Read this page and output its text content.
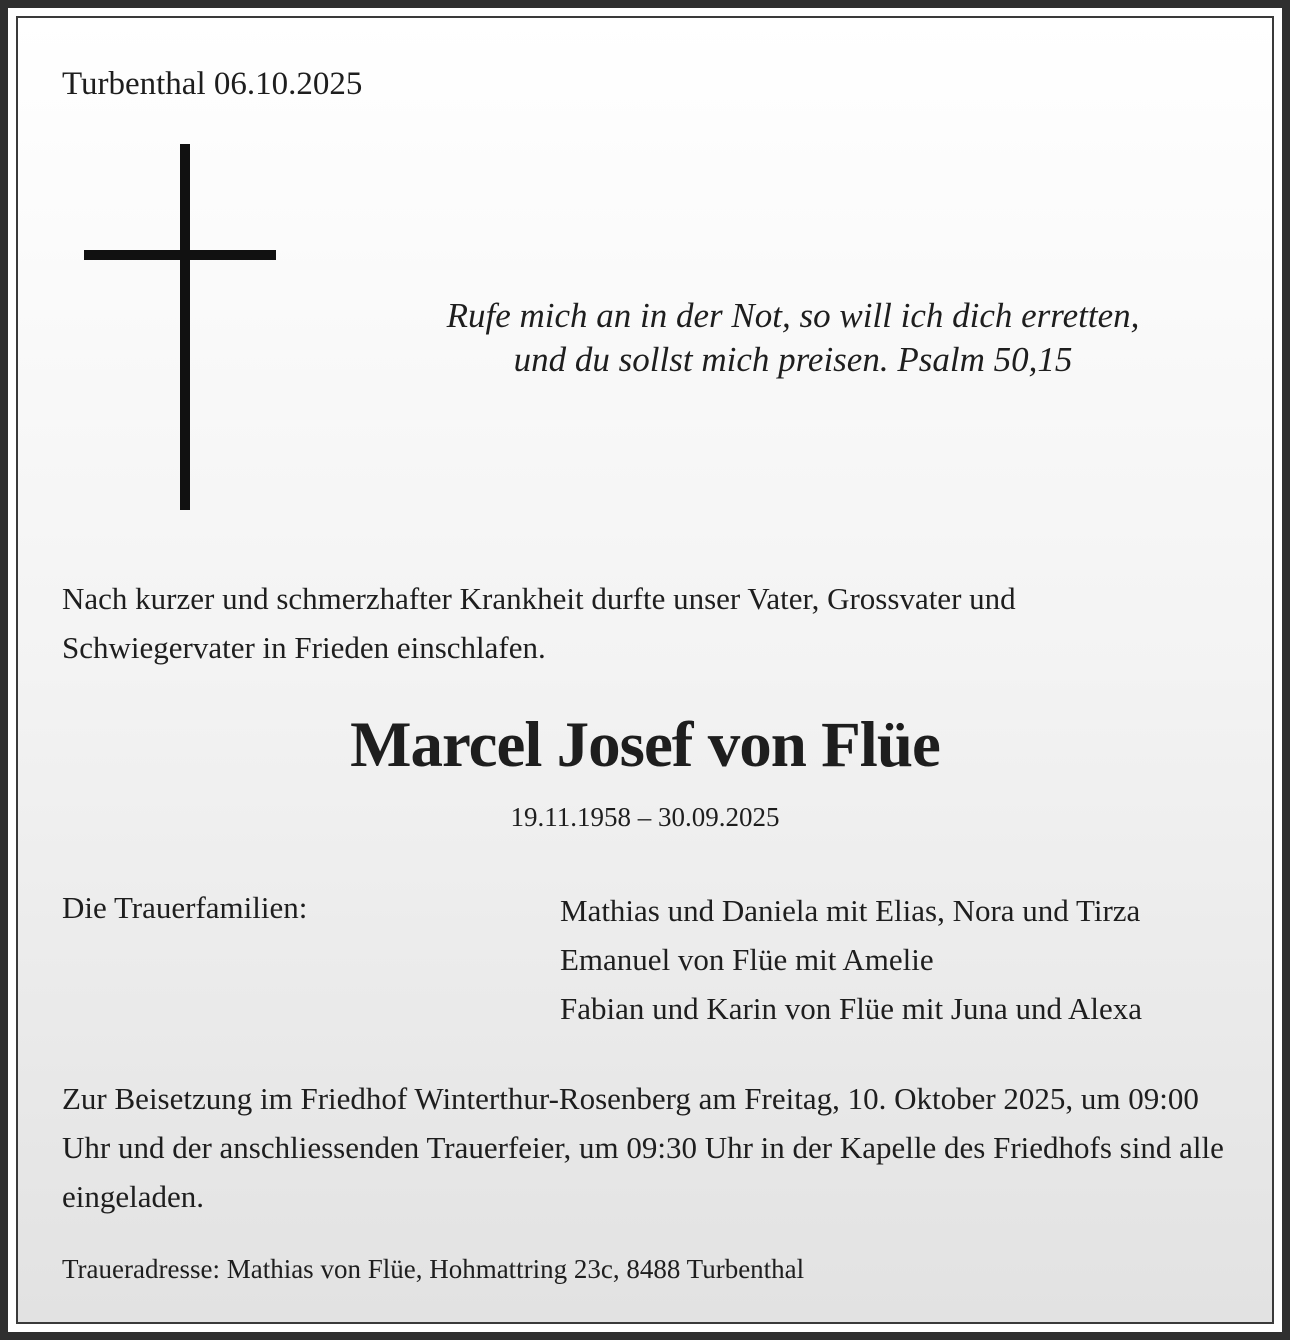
Turbenthal 06.10.2025
Rufe mich an in der Not, so will ich dich erretten,
und du sollst mich preisen. Psalm 50,15
Nach kurzer und schmerzhafter Krankheit durfte unser Vater, Grossvater und Schwiegervater in Frieden einschlafen.
Marcel Josef von Flüe
19.11.1958 – 30.09.2025
Die Trauerfamilien:	Mathias und Daniela mit Elias, Nora und Tirza
Emanuel von Flüe mit Amelie
Fabian und Karin von Flüe mit Juna und Alexa
Zur Beisetzung im Friedhof Winterthur-Rosenberg am Freitag, 10. Oktober 2025, um 09:00 Uhr und der anschliessenden Trauerfeier, um 09:30 Uhr in der Kapelle des Friedhofs sind alle eingeladen.
Traueradresse: Mathias von Flüe, Hohmattring 23c, 8488 Turbenthal
